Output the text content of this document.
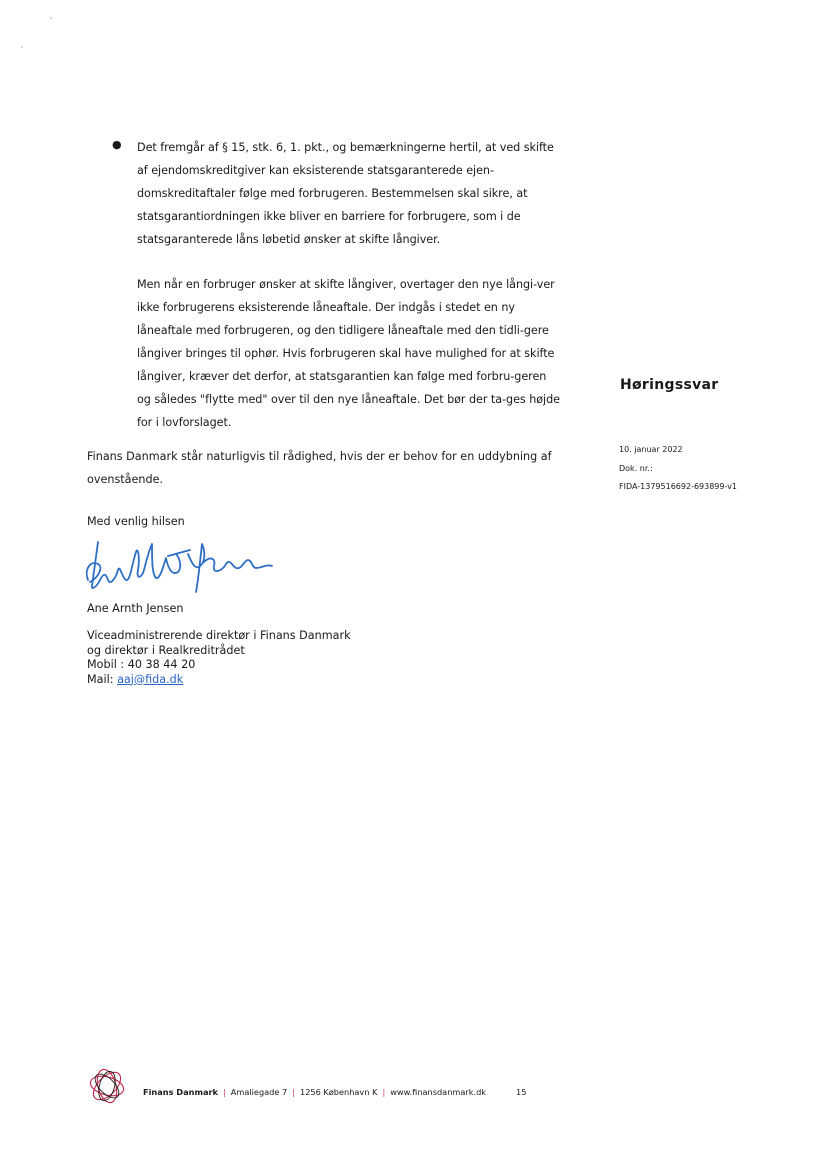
● Det fremgår af § 15, stk. 6, 1. pkt., og bemærkningerne hertil, at ved skifte af ejendomskreditgiver kan eksisterende statsgaranterede ejen-domskreditaftaler følge med forbrugeren. Bestemmelsen skal sikre, at statsgarantiordningen ikke bliver en barriere for forbrugere, som i de statsgaranterede låns løbetid ønsker at skifte långiver.

Men når en forbruger ønsker at skifte långiver, overtager den nye långi-ver ikke forbrugerens eksisterende låneaftale. Der indgås i stedet en ny låneaftale med forbrugeren, og den tidligere låneaftale med den tidli-gere långiver bringes til ophør. Hvis forbrugeren skal have mulighed for at skifte långiver, kræver det derfor, at statsgarantien kan følge med forbru-geren og således "flytte med" over til den nye låneaftale. Det bør der ta-ges højde for i lovforslaget.

Finans Danmark står naturligvis til rådighed, hvis der er behov for en uddybning af ovenstående.

Med venlig hilsen
Ane Arnth Jensen
Viceadministrerende direktør i Finans Danmark
og direktør i Realkreditrådet
Mobil : 40 38 44 20
Mail: aaj@fida.dk
Høringssvar
10. januar 2022
Dok. nr.:
FIDA-1379516692-693899-v1
Finans Danmark | Amaliegade 7 | 1256 København K | www.finansdanmark.dk	15
